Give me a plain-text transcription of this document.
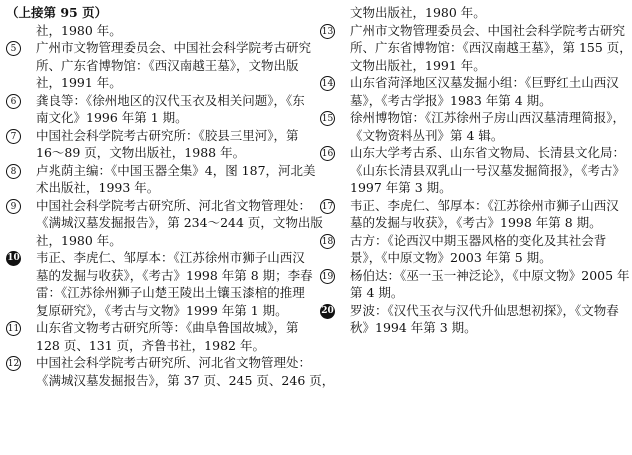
（上接第 95 页）
社，1980 年。
5	广州市文物管理委员会、中国社会科学院考古研究
所、广东省博物馆：《西汉南越王墓》，文物出版
社，1991 年。
6	龚良等：《徐州地区的汉代玉衣及相关问题》，《东
南文化》1996 年第 1 期。
7	中国社会科学院考古研究所：《胶县三里河》，第
16～89 页，文物出版社，1988 年。
8	卢兆荫主编：《中国玉器全集》4，图 187，河北美
术出版社，1993 年。
9	中国社会科学院考古研究所、河北省文物管理处：
《满城汉墓发掘报告》，第 234～244 页，文物出版
社，1980 年。
10 韦正、李虎仁、邹厚本：《江苏徐州市狮子山西汉
墓的发掘与收获》，《考古》1998 年第 8 期；李春
雷：《江苏徐州狮子山楚王陵出土镶玉漆棺的推理
复原研究》，《考古与文物》1999 年第 1 期。
11 山东省文物考古研究所等：《曲阜鲁国故城》，第
128 页、131 页，齐鲁书社，1982 年。
12 中国社会科学院考古研究所、河北省文物管理处：
《满城汉墓发掘报告》，第 37 页、245 页、246 页，
文物出版社，1980 年。
13 广州市文物管理委员会、中国社会科学院考古研究
所、广东省博物馆：《西汉南越王墓》，第 155 页，
文物出版社，1991 年。
14 山东省菏泽地区汉墓发掘小组：《巨野红土山西汉
墓》，《考古学报》1983 年第 4 期。
15 徐州博物馆：《江苏徐州子房山西汉墓清理简报》，
《文物资料丛刊》第 4 辑。
16 山东大学考古系、山东省文物局、长清县文化局：
《山东长清县双乳山一号汉墓发掘简报》，《考古》
1997 年第 3 期。
17 韦正、李虎仁、邹厚本：《江苏徐州市狮子山西汉
墓的发掘与收获》，《考古》1998 年第 8 期。
18 古方：《论西汉中期玉器风格的变化及其社会背
景》，《中原文物》2003 年第 5 期。
19 杨伯达：《巫一玉一神泛论》，《中原文物》2005 年
第 4 期。
20 罗波：《汉代玉衣与汉代升仙思想初探》，《文物春
秋》1994 年第 3 期。
